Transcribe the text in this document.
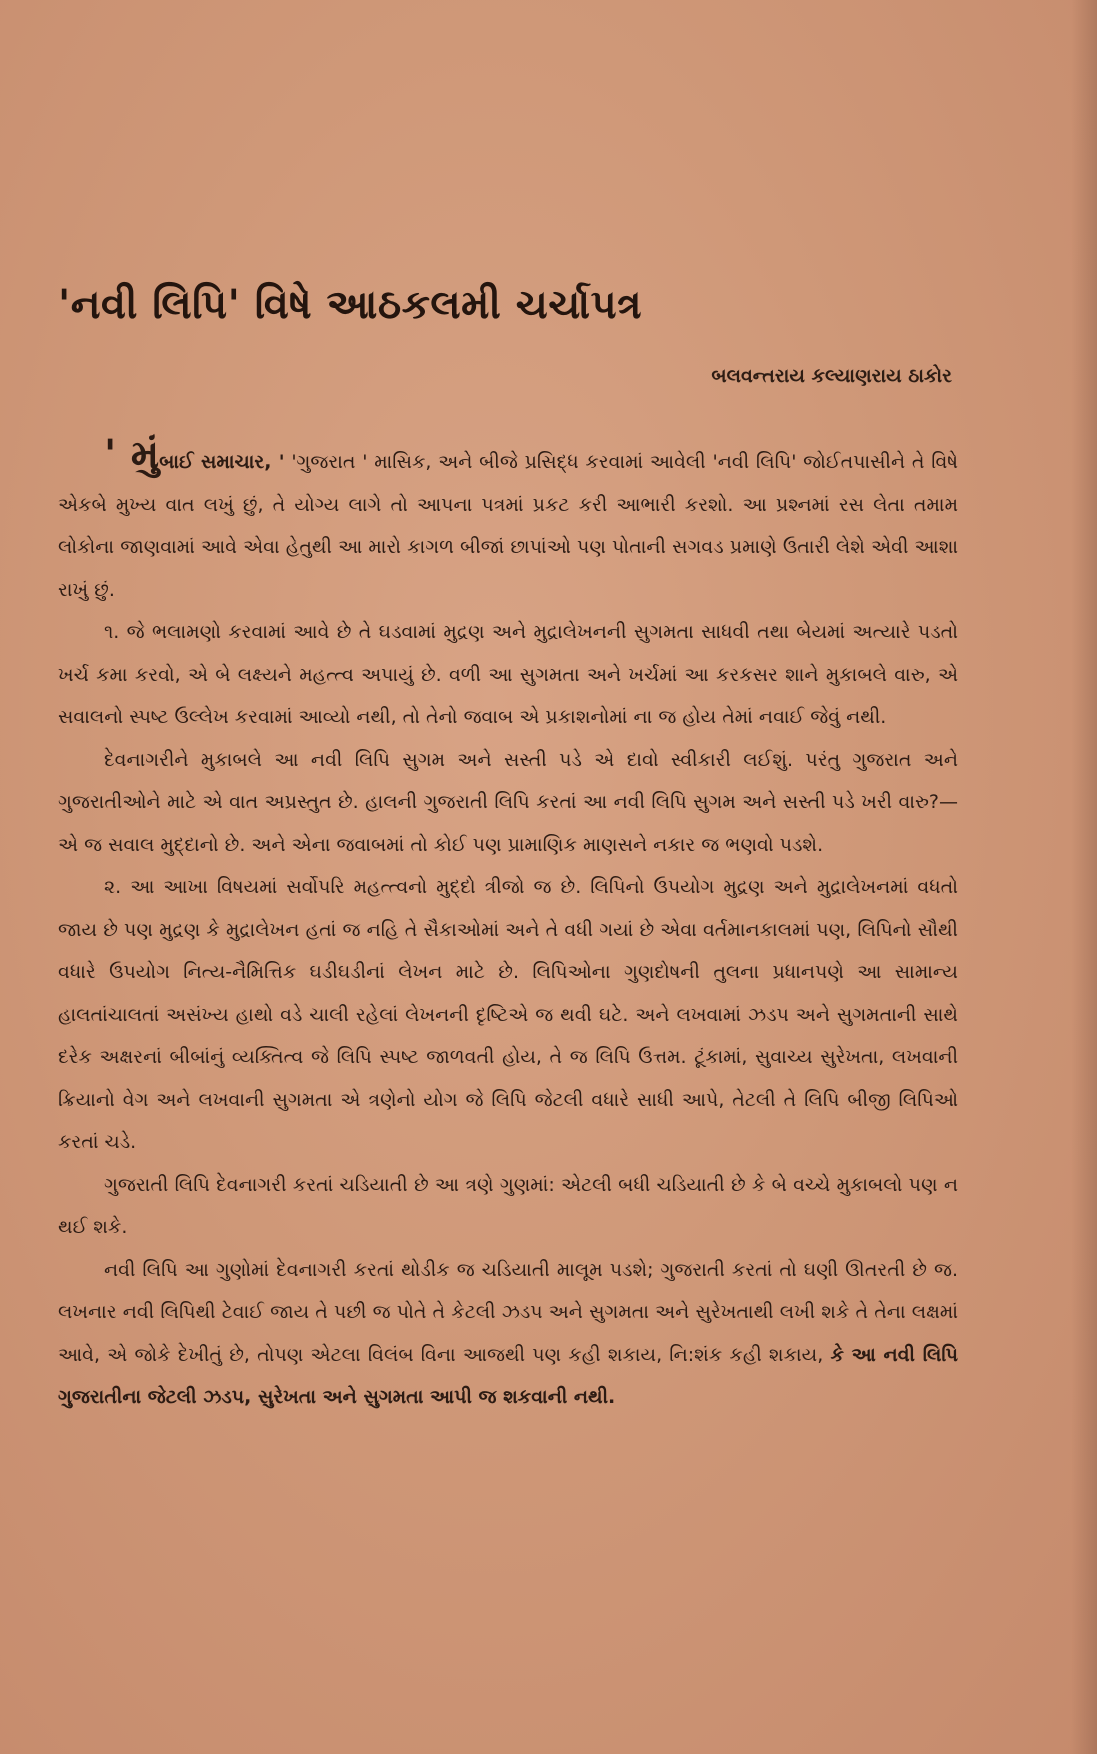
'નવી લિપિ' વિષે આઠકલમી ચર્ચાપત્ર
બલવન્તરાય કલ્યાણરાય ઠાકોર

' મુંબાઈ સમાચાર, ' 'ગુજરાત ' માસિક, અને બીજે પ્રસિદ્ધ કરવામાં આવેલી 'નવી લિપિ' જોઈતપાસીને તે વિષે એકબે મુખ્ય વાત લખું છું, તે યોગ્ય લાગે તો આપના પત્રમાં પ્રકટ કરી આભારી કરશો. આ પ્રશ્નમાં રસ લેતા તમામ લોકોના જાણવામાં આવે એવા હેતુથી આ મારો કાગળ બીજાં છાપાંઓ પણ પોતાની સગવડ પ્રમાણે ઉતારી લેશે એવી આશા રાખું છું.

૧. જે ભલામણો કરવામાં આવે છે તે ઘડવામાં મુદ્રણ અને મુદ્રાલેખનની સુગમતા સાધવી તથા બેયમાં અત્યારે પડતો ખર્ચ કમા કરવો, એ બે લક્ષ્યને મહત્ત્વ અપાયું છે. વળી આ સુગમતા અને ખર્ચમાં આ કરકસર શાને મુકાબલે વારુ, એ સવાલનો સ્પષ્ટ ઉલ્લેખ કરવામાં આવ્યો નથી, તો તેનો જવાબ એ પ્રકાશનોમાં ના જ હોય તેમાં નવાઈ જેવું નથી.

દેવનાગરીને મુકાબલે આ નવી લિપિ સુગમ અને સસ્તી પડે એ દાવો સ્વીકારી લઈશું. પરંતુ ગુજરાત અને ગુજરાતીઓને માટે એ વાત અપ્રસ્તુત છે. હાલની ગુજરાતી લિપિ કરતાં આ નવી લિપિ સુગમ અને સસ્તી પડે ખરી વારુ?—એ જ સવાલ મુદ્દાનો છે. અને એના જવાબમાં તો કોઈ પણ પ્રામાણિક માણસને નકાર જ ભણવો પડશે.

૨. આ આખા વિષયમાં સર્વોપરિ મહત્ત્વનો મુદ્દો ત્રીજો જ છે. લિપિનો ઉપયોગ મુદ્રણ અને મુદ્રાલેખનમાં વધતો જાય છે પણ મુદ્રણ કે મુદ્રાલેખન હતાં જ નહિ તે સૈકાઓમાં અને તે વધી ગયાં છે એવા વર્તમાનકાલમાં પણ, લિપિનો સૌથી વધારે ઉપયોગ નિત્ય-નૈમિત્તિક ઘડીઘડીનાં લેખન માટે છે. લિપિઓના ગુણદોષની તુલના પ્રધાનપણે આ સામાન્ય હાલતાંચાલતાં અસંખ્ય હાથો વડે ચાલી રહેલાં લેખનની દૃષ્ટિએ જ થવી ઘટે. અને લખવામાં ઝડપ અને સુગમતાની સાથે દરેક અક્ષરનાં બીબાંનું વ્યક્તિત્વ જે લિપિ સ્પષ્ટ જાળવતી હોય, તે જ લિપિ ઉત્તમ. ટૂંકામાં, સુવાચ્ય સુરેખતા, લખવાની ક્રિયાનો વેગ અને લખવાની સુગમતા એ ત્રણેનો યોગ જે લિપિ જેટલી વધારે સાધી આપે, તેટલી તે લિપિ બીજી લિપિઓ કરતાં ચડે.

ગુજરાતી લિપિ દેવનાગરી કરતાં ચડિયાતી છે આ ત્રણે ગુણમાં: એટલી બધી ચડિયાતી છે કે બે વચ્ચે મુકાબલો પણ ન થઈ શકે.

નવી લિપિ આ ગુણોમાં દેવનાગરી કરતાં થોડીક જ ચડિયાતી માલૂમ પડશે; ગુજરાતી કરતાં તો ઘણી ઊતરતી છે જ. લખનાર નવી લિપિથી ટેવાઈ જાય તે પછી જ પોતે તે કેટલી ઝડપ અને સુગમતા અને સુરેખતાથી લખી શકે તે તેના લક્ષમાં આવે, એ જોકે દેખીતું છે, તોપણ એટલા વિલંબ વિના આજથી પણ કહી શકાય, નિ:શંક કહી શકાય, કે આ નવી લિપિ ગુજરાતીના જેટલી ઝડપ, સુરેખતા અને સુગમતા આપી જ શકવાની નથી.
